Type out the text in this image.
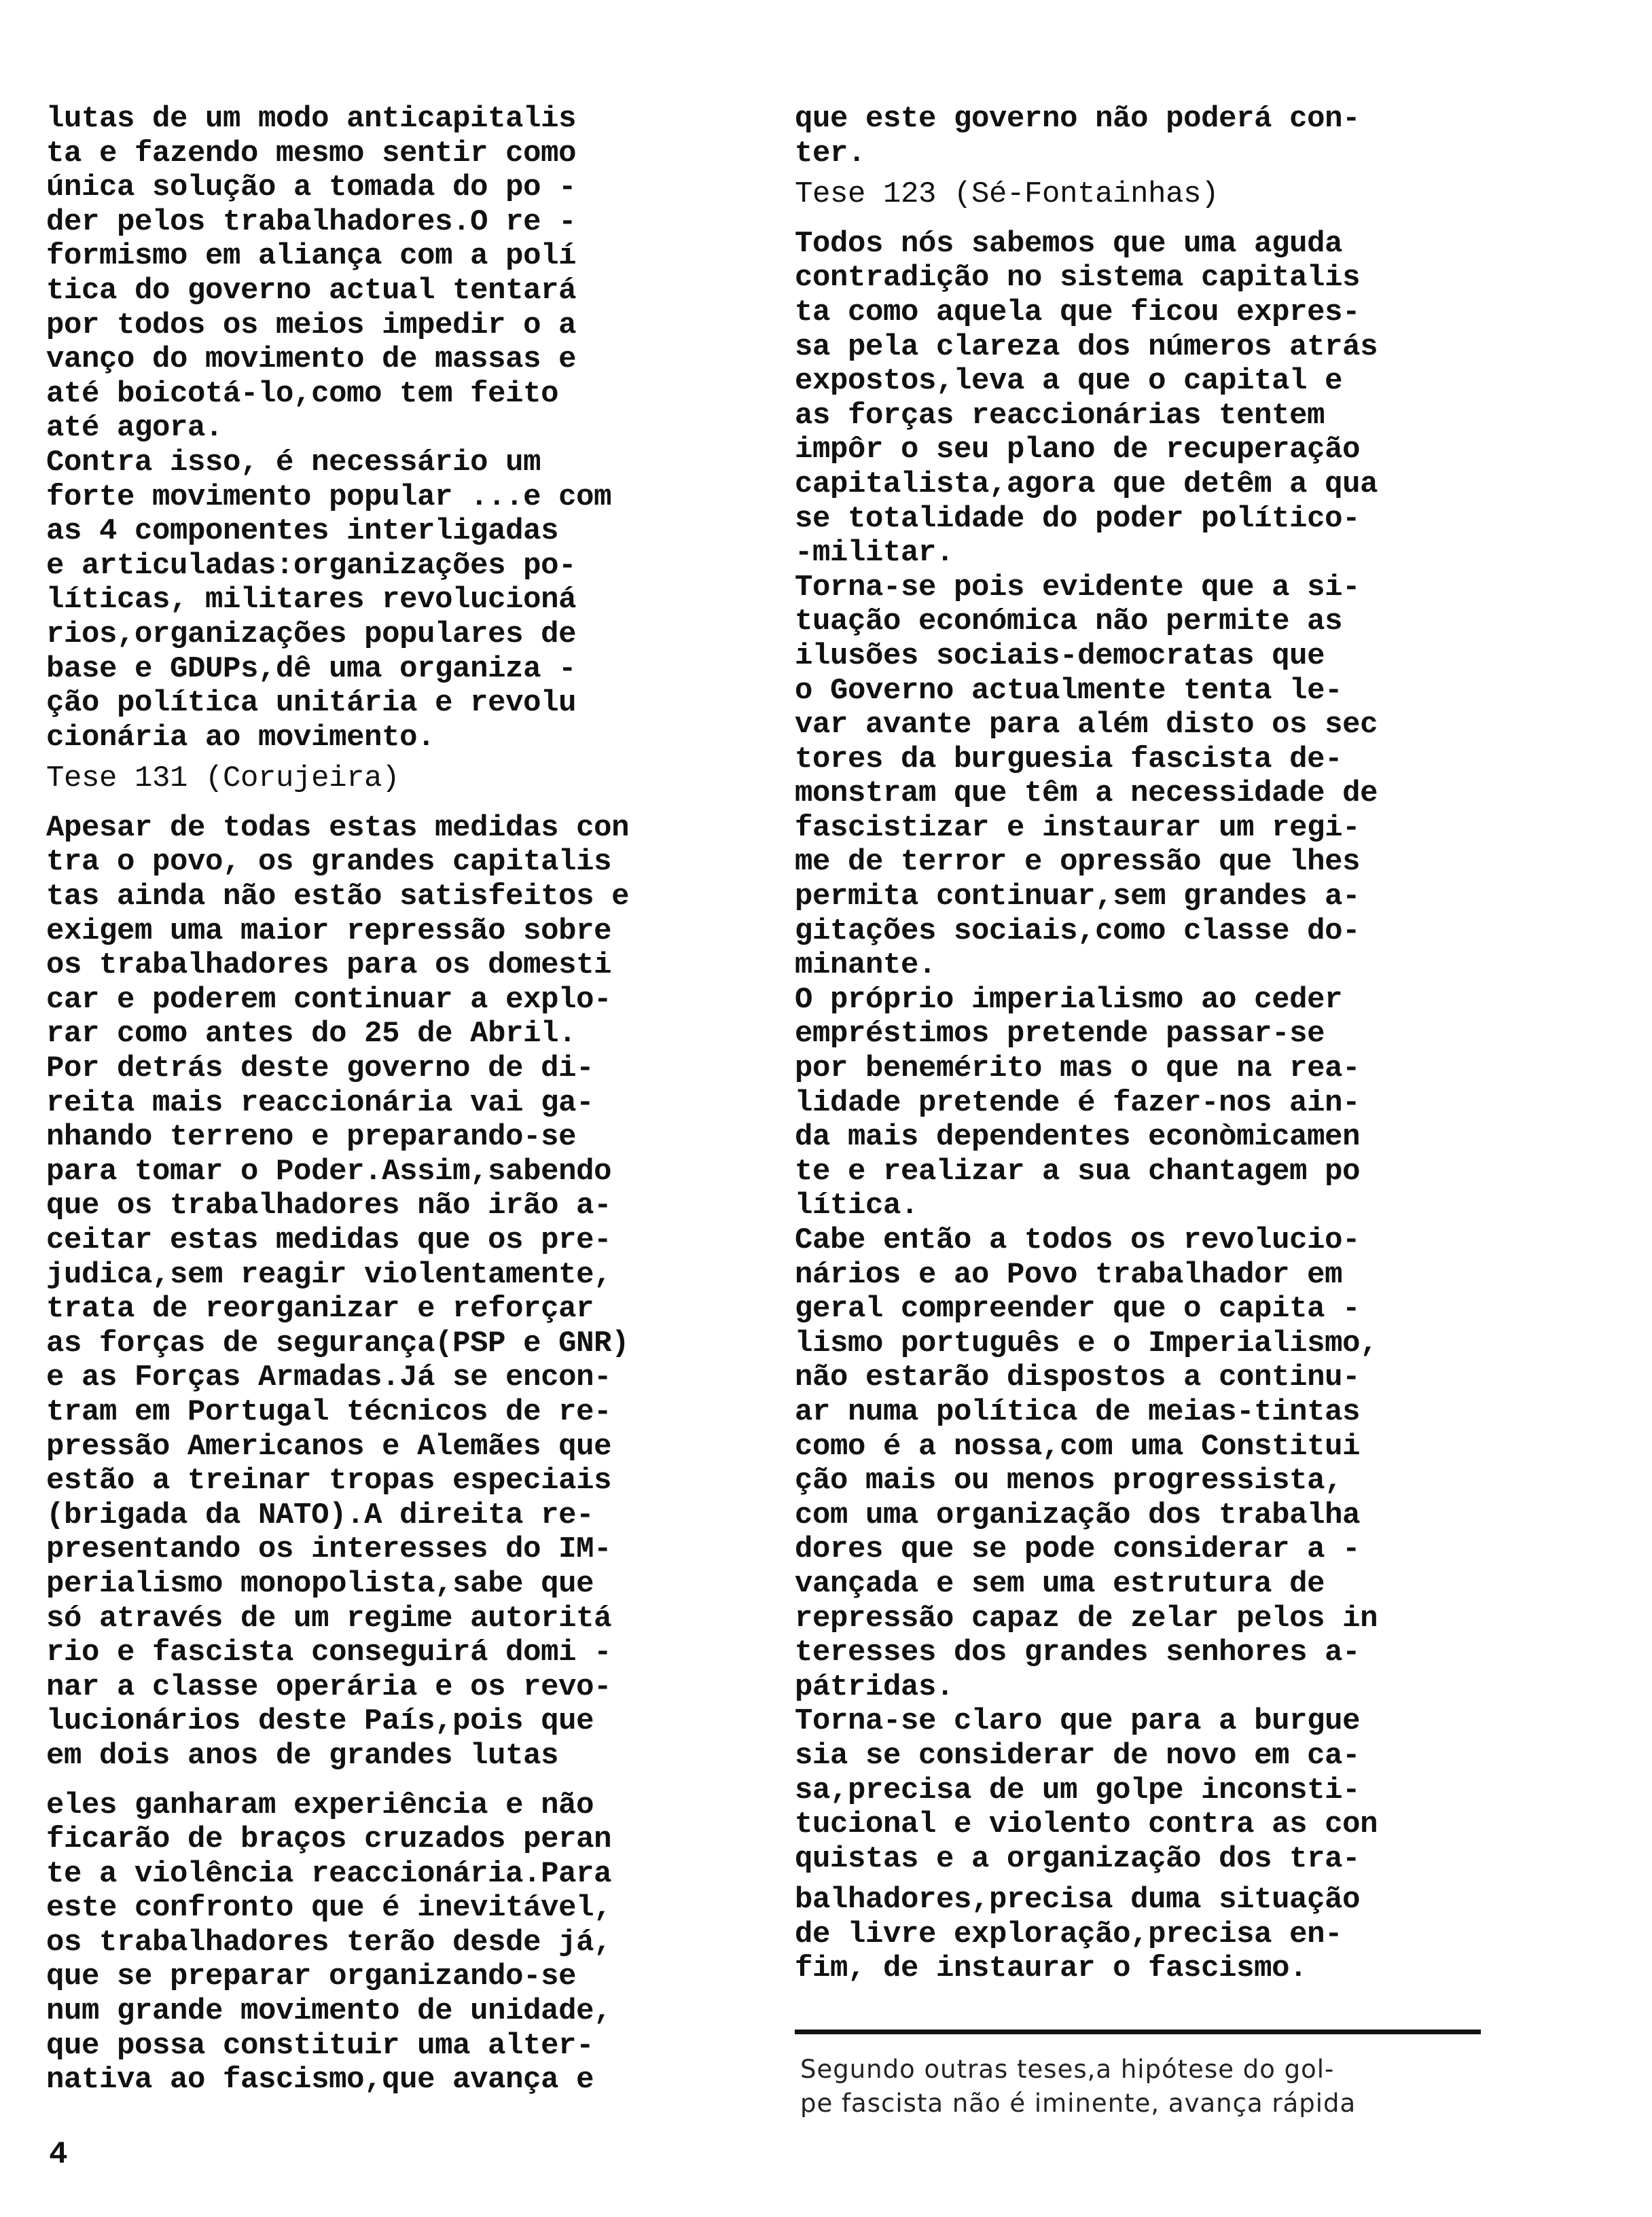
lutas de um modo anticapitalis
ta e fazendo mesmo sentir como
única solução a tomada do po -
der pelos trabalhadores.O re -
formismo em aliança com a polí
tica do governo actual tentará
por todos os meios impedir o a
vanço do movimento de massas e
até boicotá-lo,como tem feito
até agora.

Contra isso, é necessário um
forte movimento popular ...e com
as 4 componentes interligadas
e articuladas:organizações po-
líticas, militares revolucioná
rios,organizações populares de
base e GDUPs,dê uma organiza -
ção política unitária e revolu
cionária ao movimento.

Tese 131 (Corujeira)

Apesar de todas estas medidas con
tra o povo, os grandes capitalis
tas ainda não estão satisfeitos e
exigem uma maior repressão sobre
os trabalhadores para os domesti
car e poderem continuar a explo-
rar como antes do 25 de Abril.

Por detrás deste governo de di-
reita mais reaccionária vai ga-
nhando terreno e preparando-se
para tomar o Poder.Assim,sabendo
que os trabalhadores não irão a-
ceitar estas medidas que os pre-
judica,sem reagir violentamente,
trata de reorganizar e reforçar
as forças de segurança(PSP e GNR)
e as Forças Armadas.Já se encon-
tram em Portugal técnicos de re-
pressão Americanos e Alemães que
estão a treinar tropas especiais
(brigada da NATO).A direita re-
presentando os interesses do IM-
perialismo monopolista,sabe que
só através de um regime autoritá
rio e fascista conseguirá domi -
nar a classe operária e os revo-
lucionários deste País,pois que
em dois anos de grandes lutas

eles ganharam experiência e não
ficarão de braços cruzados peran
te a violência reaccionária.Para
este confronto que é inevitável,
os trabalhadores terão desde já,
que se preparar organizando-se
num grande movimento de unidade,
que possa constituir uma alter-
nativa ao fascismo,que avança e

que este governo não poderá con-
ter.

Tese 123 (Sé-Fontainhas)

Todos nós sabemos que uma aguda
contradição no sistema capitalis
ta como aquela que ficou expres-
sa pela clareza dos números atrás
expostos,leva a que o capital e
as forças reaccionárias tentem
impôr o seu plano de recuperação
capitalista,agora que detêm a qua
se totalidade do poder político-
-militar.

Torna-se pois evidente que a si-
tuação económica não permite as
ilusões sociais-democratas que
o Governo actualmente tenta le-
var avante para além disto os sec
tores da burguesia fascista de-
monstram que têm a necessidade de
fascistizar e instaurar um regi-
me de terror e opressão que lhes
permita continuar,sem grandes a-
gitações sociais,como classe do-
minante.

O próprio imperialismo ao ceder
empréstimos pretende passar-se
por benemérito mas o que na rea-
lidade pretende é fazer-nos ain-
da mais dependentes econòmicamen
te e realizar a sua chantagem po
lítica.

Cabe então a todos os revolucio-
nários e ao Povo trabalhador em
geral compreender que o capita -
lismo português e o Imperialismo,
não estarão dispostos a continu-
ar numa política de meias-tintas
como é a nossa,com uma Constitui
ção mais ou menos progressista,
com uma organização dos trabalha
dores que se pode considerar a -
vançada e sem uma estrutura de
repressão capaz de zelar pelos in
teresses dos grandes senhores a-
pátridas.

Torna-se claro que para a burgue
sia se considerar de novo em ca-
sa,precisa de um golpe inconsti-
tucional e violento contra as con
quistas e a organização dos tra-

balhadores,precisa duma situação
de livre exploração,precisa en-
fim, de instaurar o fascismo.

Segundo outras teses,a hipótese do gol-
pe fascista não é iminente, avança rápida
4
